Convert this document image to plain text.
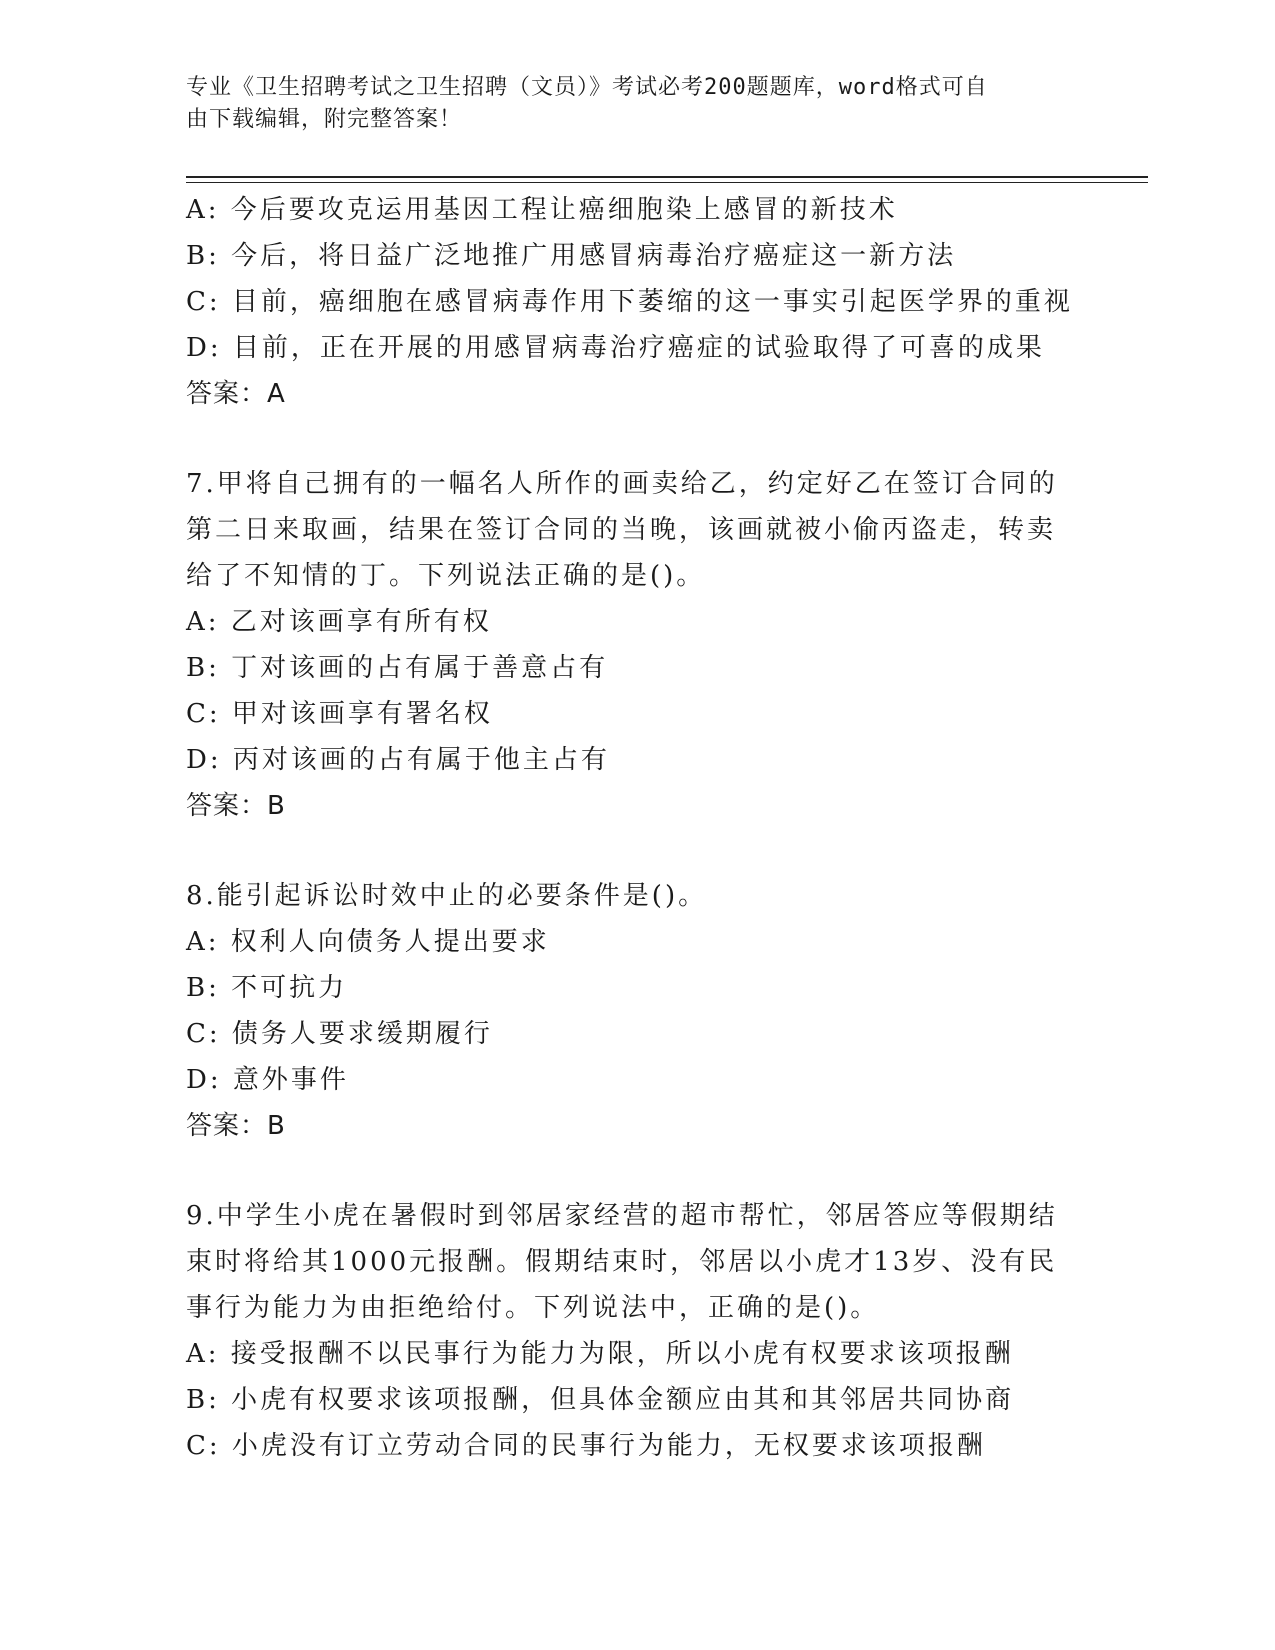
专业《卫生招聘考试之卫生招聘（文员）》考试必考200题题库，word格式可自
由下载编辑，附完整答案！
A: 今后要攻克运用基因工程让癌细胞染上感冒的新技术
B: 今后，将日益广泛地推广用感冒病毒治疗癌症这一新方法
C: 目前，癌细胞在感冒病毒作用下萎缩的这一事实引起医学界的重视
D: 目前，正在开展的用感冒病毒治疗癌症的试验取得了可喜的成果
答案：A
7.甲将自己拥有的一幅名人所作的画卖给乙，约定好乙在签订合同的
第二日来取画，结果在签订合同的当晚，该画就被小偷丙盗走，转卖
给了不知情的丁。下列说法正确的是()。
A: 乙对该画享有所有权
B: 丁对该画的占有属于善意占有
C: 甲对该画享有署名权
D: 丙对该画的占有属于他主占有
答案：B
8.能引起诉讼时效中止的必要条件是()。
A: 权利人向债务人提出要求
B: 不可抗力
C: 债务人要求缓期履行
D: 意外事件
答案：B
9.中学生小虎在暑假时到邻居家经营的超市帮忙，邻居答应等假期结
束时将给其1000元报酬。假期结束时，邻居以小虎才13岁、没有民
事行为能力为由拒绝给付。下列说法中，正确的是()。
A: 接受报酬不以民事行为能力为限，所以小虎有权要求该项报酬
B: 小虎有权要求该项报酬，但具体金额应由其和其邻居共同协商
C: 小虎没有订立劳动合同的民事行为能力，无权要求该项报酬
